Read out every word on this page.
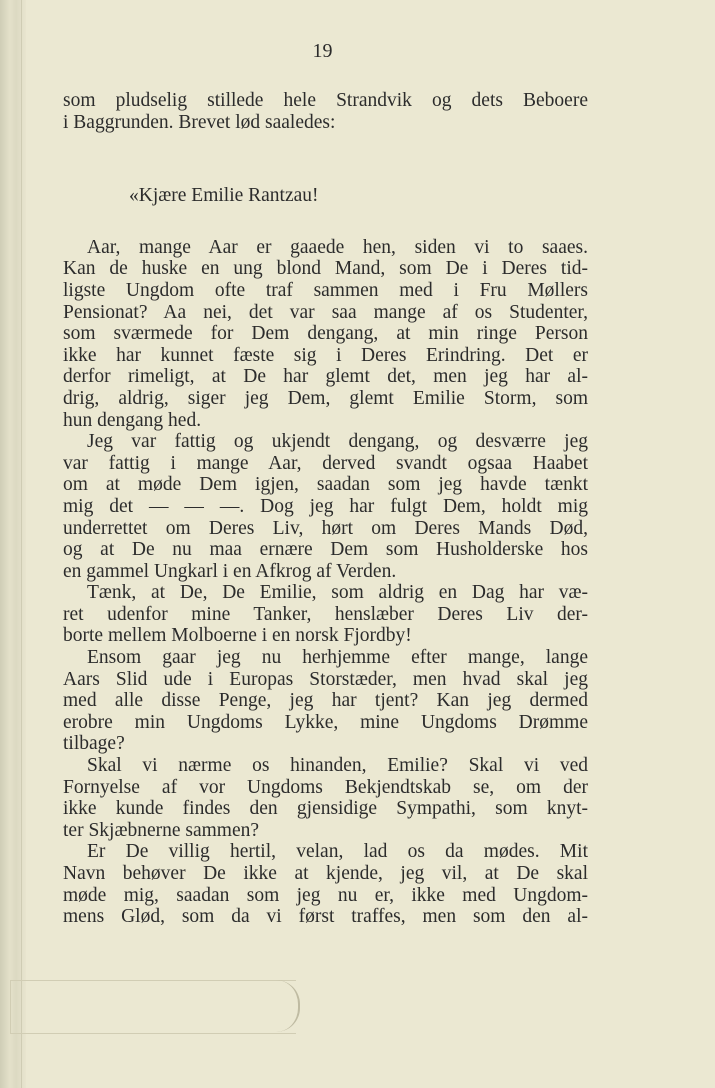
19
som pludselig stillede hele Strandvik og dets Beboere
i Baggrunden. Brevet lød saaledes:
«Kjære Emilie Rantzau!
Aar, mange Aar er gaaede hen, siden vi to saaes.
Kan de huske en ung blond Mand, som De i Deres tid-
ligste Ungdom ofte traf sammen med i Fru Møllers
Pensionat? Aa nei, det var saa mange af os Studenter,
som sværmede for Dem dengang, at min ringe Person
ikke har kunnet fæste sig i Deres Erindring. Det er
derfor rimeligt, at De har glemt det, men jeg har al-
drig, aldrig, siger jeg Dem, glemt Emilie Storm, som
hun dengang hed.
Jeg var fattig og ukjendt dengang, og desværre jeg
var fattig i mange Aar, derved svandt ogsaa Haabet
om at møde Dem igjen, saadan som jeg havde tænkt
mig det — — —. Dog jeg har fulgt Dem, holdt mig
underrettet om Deres Liv, hørt om Deres Mands Død,
og at De nu maa ernære Dem som Husholderske hos
en gammel Ungkarl i en Afkrog af Verden.
Tænk, at De, De Emilie, som aldrig en Dag har væ-
ret udenfor mine Tanker, henslæber Deres Liv der-
borte mellem Molboerne i en norsk Fjordby!
Ensom gaar jeg nu herhjemme efter mange, lange
Aars Slid ude i Europas Storstæder, men hvad skal jeg
med alle disse Penge, jeg har tjent? Kan jeg dermed
erobre min Ungdoms Lykke, mine Ungdoms Drømme
tilbage?
Skal vi nærme os hinanden, Emilie? Skal vi ved
Fornyelse af vor Ungdoms Bekjendtskab se, om der
ikke kunde findes den gjensidige Sympathi, som knyt-
ter Skjæbnerne sammen?
Er De villig hertil, velan, lad os da mødes. Mit
Navn behøver De ikke at kjende, jeg vil, at De skal
møde mig, saadan som jeg nu er, ikke med Ungdom-
mens Glød, som da vi først traffes, men som den al-
